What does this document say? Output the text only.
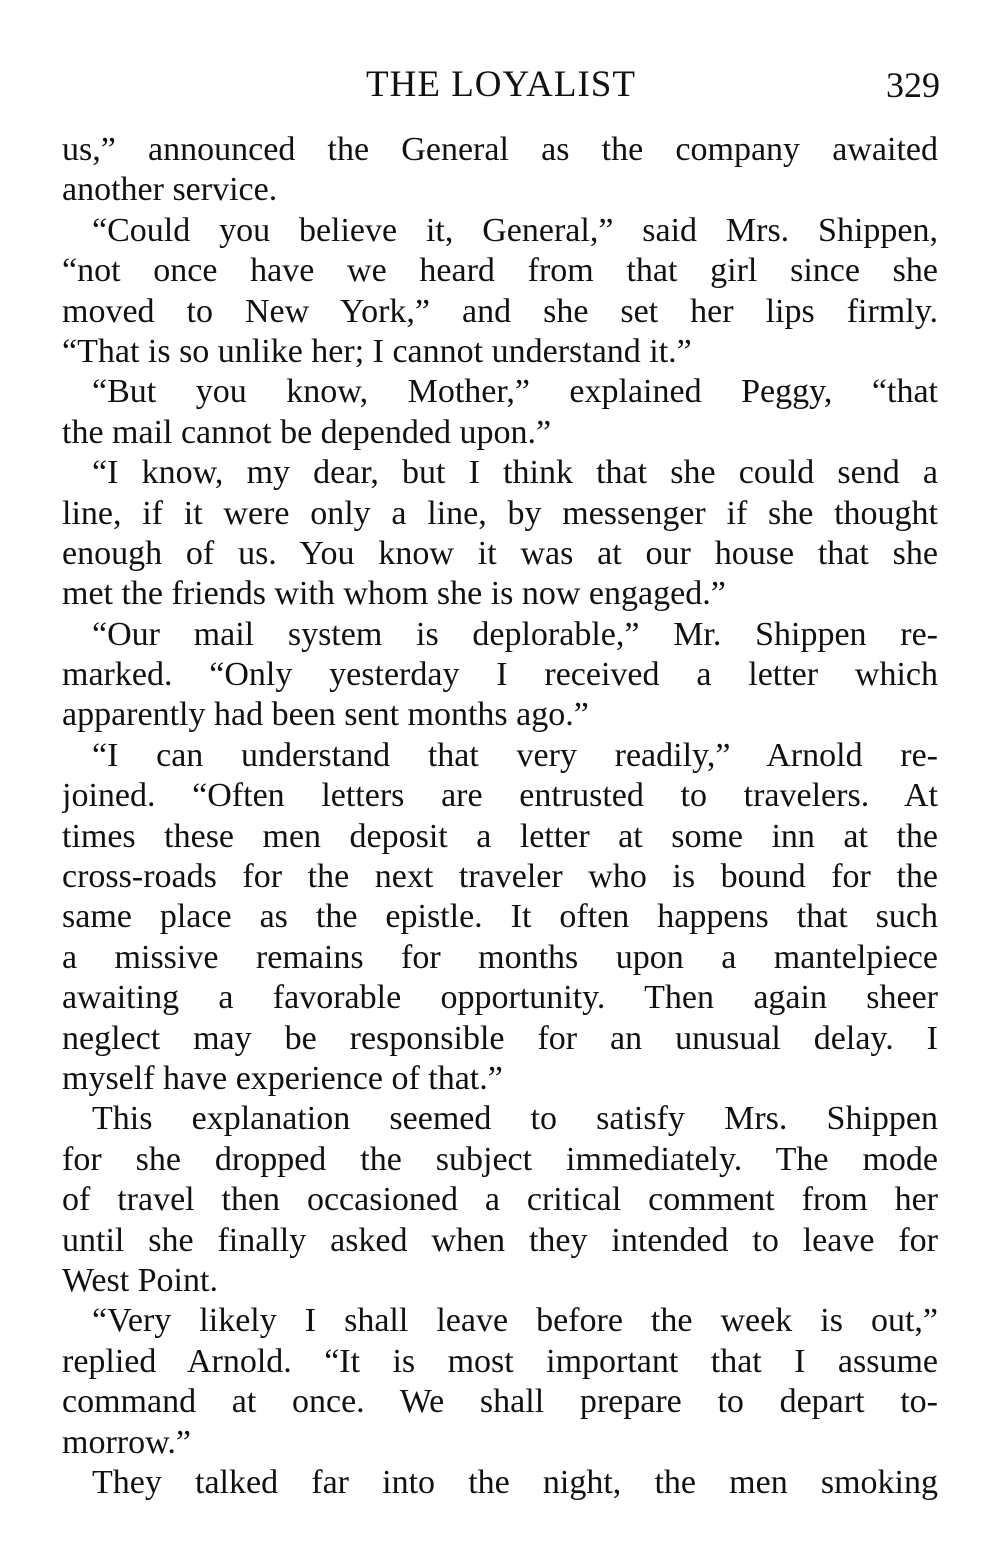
THE LOYALIST	329
us,” announced the General as the company awaited
another service.
“Could you believe it, General,” said Mrs. Shippen,
“not once have we heard from that girl since she
moved to New York,” and she set her lips firmly.
“That is so unlike her; I cannot understand it.”
“But you know, Mother,” explained Peggy, “that
the mail cannot be depended upon.”
“I know, my dear, but I think that she could send a
line, if it were only a line, by messenger if she thought
enough of us. You know it was at our house that she
met the friends with whom she is now engaged.”
“Our mail system is deplorable,” Mr. Shippen re-
marked. “Only yesterday I received a letter which
apparently had been sent months ago.”
“I can understand that very readily,” Arnold re-
joined. “Often letters are entrusted to travelers. At
times these men deposit a letter at some inn at the
cross-roads for the next traveler who is bound for the
same place as the epistle. It often happens that such
a missive remains for months upon a mantelpiece
awaiting a favorable opportunity. Then again sheer
neglect may be responsible for an unusual delay. I
myself have experience of that.”
This explanation seemed to satisfy Mrs. Shippen
for she dropped the subject immediately. The mode
of travel then occasioned a critical comment from her
until she finally asked when they intended to leave for
West Point.
“Very likely I shall leave before the week is out,”
replied Arnold. “It is most important that I assume
command at once. We shall prepare to depart to-
morrow.”
They talked far into the night, the men smoking
